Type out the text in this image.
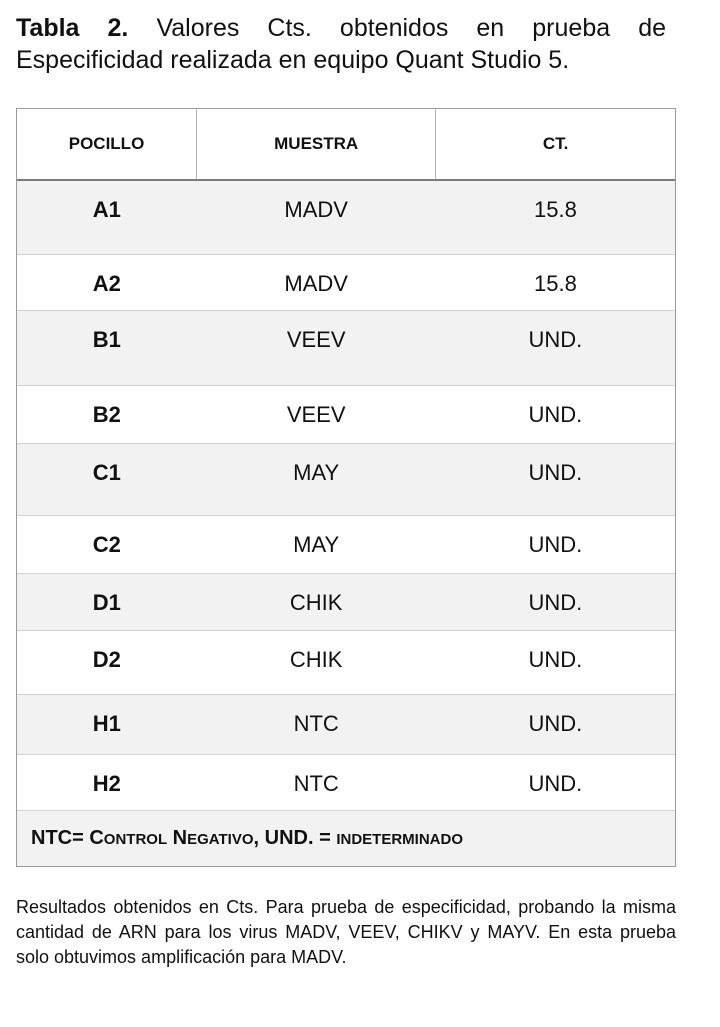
Tabla 2. Valores Cts. obtenidos en prueba de Especificidad realizada en equipo Quant Studio 5.
POCILLO	MUESTRA	CT.
A1	MADV	15.8
A2	MADV	15.8
B1	VEEV	UND.
B2	VEEV	UND.
C1	MAY	UND.
C2	MAY	UND.
D1	CHIK	UND.
D2	CHIK	UND.
H1	NTC	UND.
H2	NTC	UND.
NTC= CONTROL NEGATIVO, UND. = INDETERMINADO		
Resultados obtenidos en Cts. Para prueba de especificidad, probando la misma cantidad de ARN para los virus MADV, VEEV, CHIKV y MAYV. En esta prueba solo obtuvimos amplificación para MADV.
